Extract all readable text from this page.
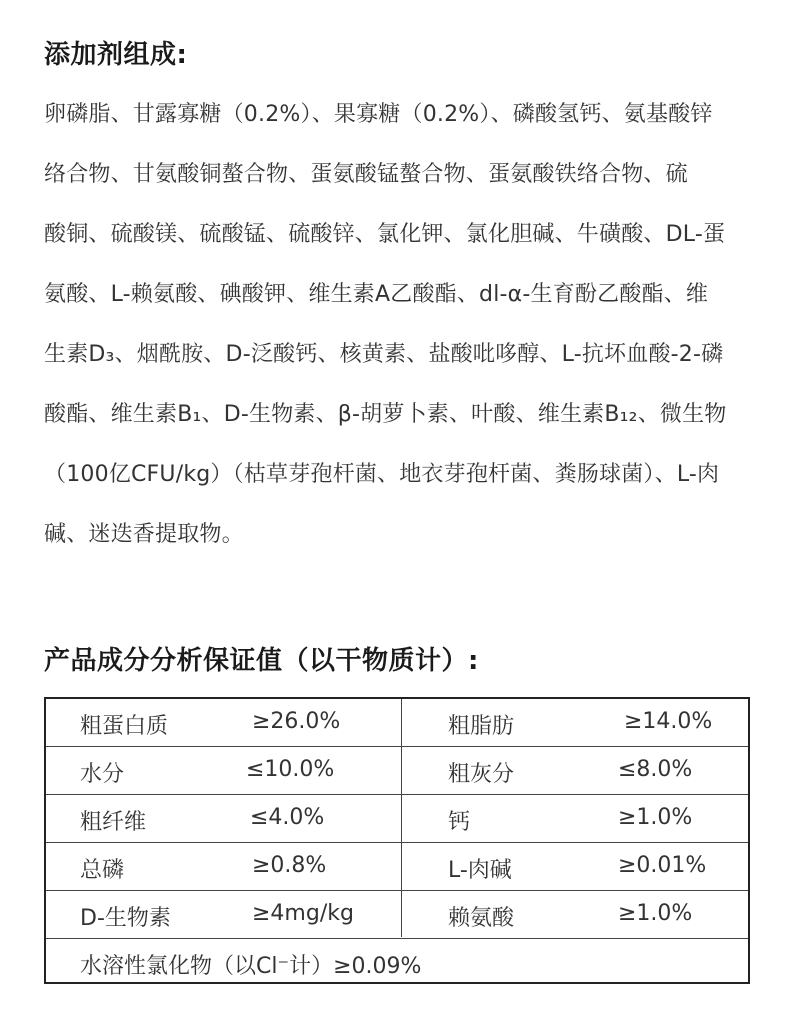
添加剂组成:
卵磷脂、甘露寡糖（0.2%）、果寡糖（0.2%）、磷酸氢钙、氨基酸锌
络合物、甘氨酸铜螯合物、蛋氨酸锰螯合物、蛋氨酸铁络合物、硫
酸铜、硫酸镁、硫酸锰、硫酸锌、氯化钾、氯化胆碱、牛磺酸、DL-蛋
氨酸、L-赖氨酸、碘酸钾、维生素A乙酸酯、dl-α-生育酚乙酸酯、维
生素D₃、烟酰胺、D-泛酸钙、核黄素、盐酸吡哆醇、L-抗坏血酸-2-磷
酸酯、维生素B₁、D-生物素、β-胡萝卜素、叶酸、维生素B₁₂、微生物
（100亿CFU/kg）（枯草芽孢杆菌、地衣芽孢杆菌、粪肠球菌）、L-肉
碱、迷迭香提取物。
产品成分分析保证值（以干物质计）:
粗蛋白质	≥26.0%	粗脂肪	≥14.0%
水分	≤10.0%	粗灰分	≤8.0%
粗纤维	≤4.0%	钙	≥1.0%
总磷	≥0.8%	L-肉碱	≥0.01%
D-生物素	≥4mg/kg	赖氨酸	≥1.0%
水溶性氯化物（以Cl⁻计）≥0.09%
